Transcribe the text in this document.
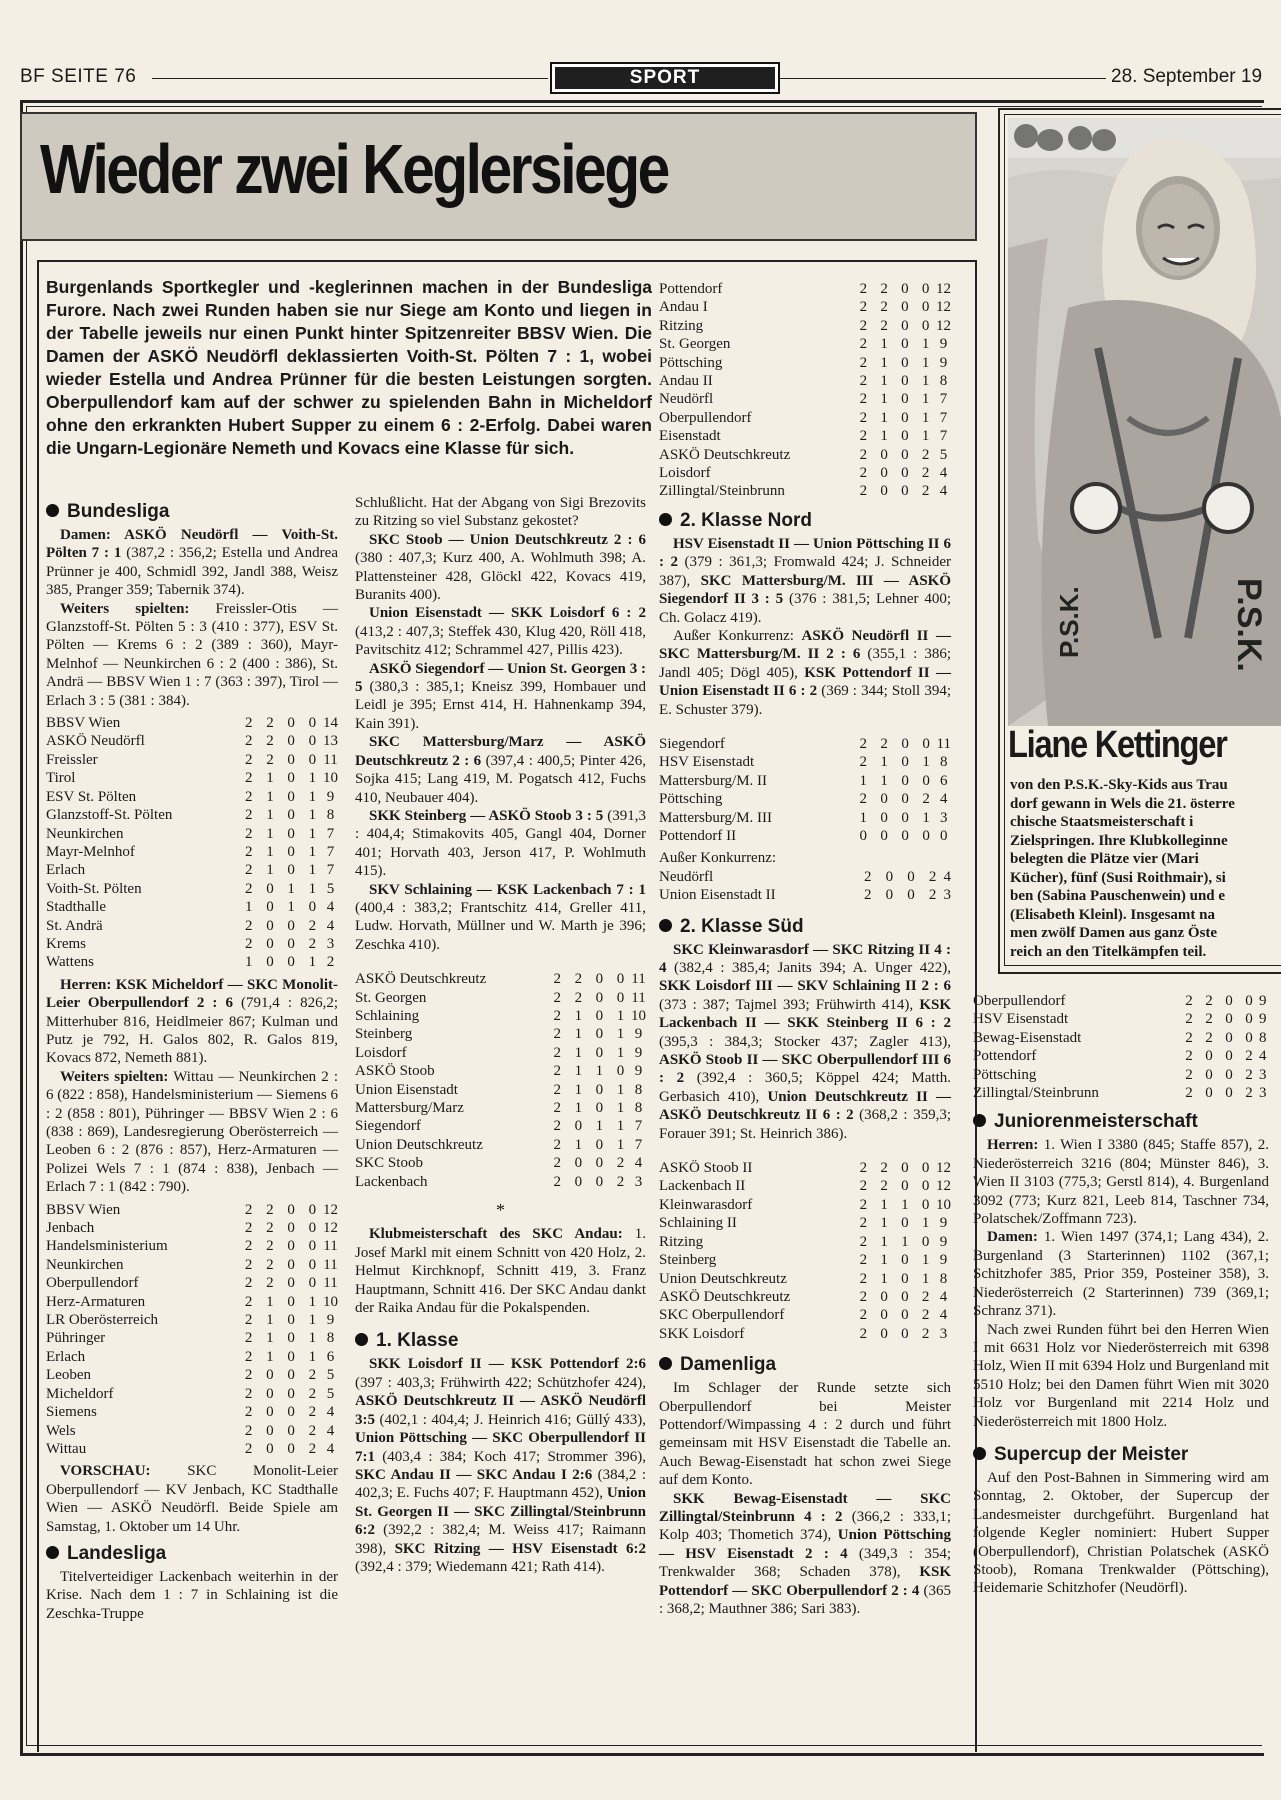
BF SEITE 76	SPORT	28. September 19
Wieder zwei Keglersiege
Burgenlands Sportkegler und -keglerinnen machen in der Bundesliga Furore. Nach zwei Runden haben sie nur Siege am Konto und liegen in der Tabelle jeweils nur einen Punkt hinter Spitzenreiter BBSV Wien. Die Damen der ASKÖ Neudörfl deklassierten Voith-St. Pölten 7 : 1, wobei wieder Estella und Andrea Prünner für die besten Leistungen sorgten. Oberpullendorf kam auf der schwer zu spielenden Bahn in Micheldorf ohne den erkrankten Hubert Supper zu einem 6 : 2-Erfolg. Dabei waren die Ungarn-Legionäre Nemeth und Kovacs eine Klasse für sich.
Bundesliga

Damen: ASKÖ Neudörfl — Voith-St. Pölten 7 : 1 (387,2 : 356,2; Estella und Andrea Prünner je 400, Schmidl 392, Jandl 388, Weisz 385, Pranger 359; Tabernik 374).

Weiters spielten: Freissler-Otis — Glanzstoff-St. Pölten 5 : 3 (410 : 377), ESV St. Pölten — Krems 6 : 2 (389 : 360), Mayr-Melnhof — Neunkirchen 6 : 2 (400 : 386), St. Andrä — BBSV Wien 1 : 7 (363 : 397), Tirol — Erlach 3 : 5 (381 : 384).

BBSV Wien	2	2	0	0	14
ASKÖ Neudörfl	2	2	0	0	13
Freissler	2	2	0	0	11
Tirol	2	1	0	1	10
ESV St. Pölten	2	1	0	1	9
Glanzstoff-St. Pölten	2	1	0	1	8
Neunkirchen	2	1	0	1	7
Mayr-Melnhof	2	1	0	1	7
Erlach	2	1	0	1	7
Voith-St. Pölten	2	0	1	1	5
Stadthalle	1	0	1	0	4
St. Andrä	2	0	0	2	4
Krems	2	0	0	2	3
Wattens	1	0	0	1	2

Herren: KSK Micheldorf — SKC Monolit-Leier Oberpullendorf 2 : 6 (791,4 : 826,2; Mitterhuber 816, Heidlmeier 867; Kulman und Putz je 792, H. Galos 802, R. Galos 819, Kovacs 872, Nemeth 881).

Weiters spielten: Wittau — Neunkirchen 2 : 6 (822 : 858), Handelsministerium — Siemens 6 : 2 (858 : 801), Pühringer — BBSV Wien 2 : 6 (838 : 869), Landesregierung Oberösterreich — Leoben 6 : 2 (876 : 857), Herz-Armaturen — Polizei Wels 7 : 1 (874 : 838), Jenbach — Erlach 7 : 1 (842 : 790).

BBSV Wien	2	2	0	0	12
Jenbach	2	2	0	0	12
Handelsministerium	2	2	0	0	11
Neunkirchen	2	2	0	0	11
Oberpullendorf	2	2	0	0	11
Herz-Armaturen	2	1	0	1	10
LR Oberösterreich	2	1	0	1	9
Pühringer	2	1	0	1	8
Erlach	2	1	0	1	6
Leoben	2	0	0	2	5
Micheldorf	2	0	0	2	5
Siemens	2	0	0	2	4
Wels	2	0	0	2	4
Wittau	2	0	0	2	4

VORSCHAU: SKC Monolit-Leier Oberpullendorf — KV Jenbach, KC Stadthalle Wien — ASKÖ Neudörfl. Beide Spiele am Samstag, 1. Oktober um 14 Uhr.

Landesliga

Titelverteidiger Lackenbach weiterhin in der Krise. Nach dem 1 : 7 in Schlaining ist die Zeschka-Truppe

Schlußlicht. Hat der Abgang von Sigi Brezovits zu Ritzing so viel Substanz gekostet?

SKC Stoob — Union Deutschkreutz 2 : 6 (380 : 407,3; Kurz 400, A. Wohlmuth 398; A. Plattensteiner 428, Glöckl 422, Kovacs 419, Buranits 400).

Union Eisenstadt — SKK Loisdorf 6 : 2 (413,2 : 407,3; Steffek 430, Klug 420, Röll 418, Pavitschitz 412; Schrammel 427, Pillis 423).

ASKÖ Siegendorf — Union St. Georgen 3 : 5 (380,3 : 385,1; Kneisz 399, Hombauer und Leidl je 395; Ernst 414, H. Hahnenkamp 394, Kain 391).

SKC Mattersburg/Marz — ASKÖ Deutschkreutz 2 : 6 (397,4 : 400,5; Pinter 426, Sojka 415; Lang 419, M. Pogatsch 412, Fuchs 410, Neubauer 404).

SKK Steinberg — ASKÖ Stoob 3 : 5 (391,3 : 404,4; Stimakovits 405, Gangl 404, Dorner 401; Horvath 403, Jerson 417, P. Wohlmuth 415).

SKV Schlaining — KSK Lackenbach 7 : 1 (400,4 : 383,2; Frantschitz 414, Greller 411, Ludw. Horvath, Müllner und W. Marth je 396; Zeschka 410).

ASKÖ Deutschkreutz	2	2	0	0	11
St. Georgen	2	2	0	0	11
Schlaining	2	1	0	1	10
Steinberg	2	1	0	1	9
Loisdorf	2	1	0	1	9
ASKÖ Stoob	2	1	1	0	9
Union Eisenstadt	2	1	0	1	8
Mattersburg/Marz	2	1	0	1	8
Siegendorf	2	0	1	1	7
Union Deutschkreutz	2	1	0	1	7
SKC Stoob	2	0	0	2	4
Lackenbach	2	0	0	2	3
*

Klubmeisterschaft des SKC Andau: 1. Josef Markl mit einem Schnitt von 420 Holz, 2. Helmut Kirchknopf, Schnitt 419, 3. Franz Hauptmann, Schnitt 416. Der SKC Andau dankt der Raika Andau für die Pokalspenden.

1. Klasse

SKK Loisdorf II — KSK Pottendorf 2:6 (397 : 403,3; Frühwirth 422; Schützhofer 424), ASKÖ Deutschkreutz II — ASKÖ Neudörfl 3:5 (402,1 : 404,4; J. Heinrich 416; Güllý 433), Union Pöttsching — SKC Oberpullendorf II 7:1 (403,4 : 384; Koch 417; Strommer 396), SKC Andau II — SKC Andau I 2:6 (384,2 : 402,3; E. Fuchs 407; F. Hauptmann 452), Union St. Georgen II — SKC Zillingtal/Steinbrunn 6:2 (392,2 : 382,4; M. Weiss 417; Raimann 398), SKC Ritzing — HSV Eisenstadt 6:2 (392,4 : 379; Wiedemann 421; Rath 414).

Pottendorf	2	2	0	0	12
Andau I	2	2	0	0	12
Ritzing	2	2	0	0	12
St. Georgen	2	1	0	1	9
Pöttsching	2	1	0	1	9
Andau II	2	1	0	1	8
Neudörfl	2	1	0	1	7
Oberpullendorf	2	1	0	1	7
Eisenstadt	2	1	0	1	7
ASKÖ Deutschkreutz	2	0	0	2	5
Loisdorf	2	0	0	2	4
Zillingtal/Steinbrunn	2	0	0	2	4
2. Klasse Nord

HSV Eisenstadt II — Union Pöttsching II 6 : 2 (379 : 361,3; Fromwald 424; J. Schneider 387), SKC Mattersburg/M. III — ASKÖ Siegendorf II 3 : 5 (376 : 381,5; Lehner 400; Ch. Golacz 419).

Außer Konkurrenz: ASKÖ Neudörfl II — SKC Mattersburg/M. II 2 : 6 (355,1 : 386; Jandl 405; Dögl 405), KSK Pottendorf II — Union Eisenstadt II 6 : 2 (369 : 344; Stoll 394; E. Schuster 379).

Siegendorf	2	2	0	0	11
HSV Eisenstadt	2	1	0	1	8
Mattersburg/M. II	1	1	0	0	6
Pöttsching	2	0	0	2	4
Mattersburg/M. III	1	0	0	1	3
Pottendorf II	0	0	0	0	0
Außer Konkurrenz:
Neudörfl	2	0	0	2	4
Union Eisenstadt II	2	0	0	2	3
2. Klasse Süd

SKC Kleinwarasdorf — SKC Ritzing II 4 : 4 (382,4 : 385,4; Janits 394; A. Unger 422), SKK Loisdorf III — SKV Schlaining II 2 : 6 (373 : 387; Tajmel 393; Frühwirth 414), KSK Lackenbach II — SKK Steinberg II 6 : 2 (395,3 : 384,3; Stocker 437; Zagler 413), ASKÖ Stoob II — SKC Oberpullendorf III 6 : 2 (392,4 : 360,5; Köppel 424; Matth. Gerbasich 410), Union Deutschkreutz II — ASKÖ Deutschkreutz II 6 : 2 (368,2 : 359,3; Forauer 391; St. Heinrich 386).

ASKÖ Stoob II	2	2	0	0	12
Lackenbach II	2	2	0	0	12
Kleinwarasdorf	2	1	1	0	10
Schlaining II	2	1	0	1	9
Ritzing	2	1	1	0	9
Steinberg	2	1	0	1	9
Union Deutschkreutz	2	1	0	1	8
ASKÖ Deutschkreutz	2	0	0	2	4
SKC Oberpullendorf	2	0	0	2	4
SKK Loisdorf	2	0	0	2	3
Damenliga

Im Schlager der Runde setzte sich Oberpullendorf bei Meister Pottendorf/Wimpassing 4 : 2 durch und führt gemeinsam mit HSV Eisenstadt die Tabelle an. Auch Bewag-Eisenstadt hat schon zwei Siege auf dem Konto.

SKK Bewag-Eisenstadt — SKC Zillingtal/Steinbrunn 4 : 2 (366,2 : 333,1; Kolp 403; Thometich 374), Union Pöttsching — HSV Eisenstadt 2 : 4 (349,3 : 354; Trenkwalder 368; Schaden 378), KSK Pottendorf — SKC Oberpullendorf 2 : 4 (365 : 368,2; Mauthner 386; Sari 383).

P.S.K.
P.S.K.
Liane Kettinger
von den P.S.K.-Sky-Kids aus Trau
dorf gewann in Wels die 21. österre
chische Staatsmeisterschaft i
Zielspringen. Ihre Klubkolleginne
belegten die Plätze vier (Mari
Kücher), fünf (Susi Roithmair), si
ben (Sabina Pauschenwein) und e
(Elisabeth Kleinl). Insgesamt na
men zwölf Damen aus ganz Öste
reich an den Titelkämpfen teil.
Oberpullendorf	2	2	0	0	9
HSV Eisenstadt	2	2	0	0	9
Bewag-Eisenstadt	2	2	0	0	8
Pottendorf	2	0	0	2	4
Pöttsching	2	0	0	2	3
Zillingtal/Steinbrunn	2	0	0	2	3
Juniorenmeisterschaft

Herren: 1. Wien I 3380 (845; Staffe 857), 2. Niederösterreich 3216 (804; Münster 846), 3. Wien II 3103 (775,3; Gerstl 814), 4. Burgenland 3092 (773; Kurz 821, Leeb 814, Taschner 734, Polatschek/Zoffmann 723).

Damen: 1. Wien 1497 (374,1; Lang 434), 2. Burgenland (3 Starterinnen) 1102 (367,1; Schitzhofer 385, Prior 359, Posteiner 358), 3. Niederösterreich (2 Starterinnen) 739 (369,1; Schranz 371).

Nach zwei Runden führt bei den Herren Wien I mit 6631 Holz vor Niederösterreich mit 6398 Holz, Wien II mit 6394 Holz und Burgenland mit 5510 Holz; bei den Damen führt Wien mit 3020 Holz vor Burgenland mit 2214 Holz und Niederösterreich mit 1800 Holz.

Supercup der Meister

Auf den Post-Bahnen in Simmering wird am Sonntag, 2. Oktober, der Supercup der Landesmeister durchgeführt. Burgenland hat folgende Kegler nominiert: Hubert Supper (Oberpullendorf), Christian Polatschek (ASKÖ Stoob), Romana Trenkwalder (Pöttsching), Heidemarie Schitzhofer (Neudörfl).
